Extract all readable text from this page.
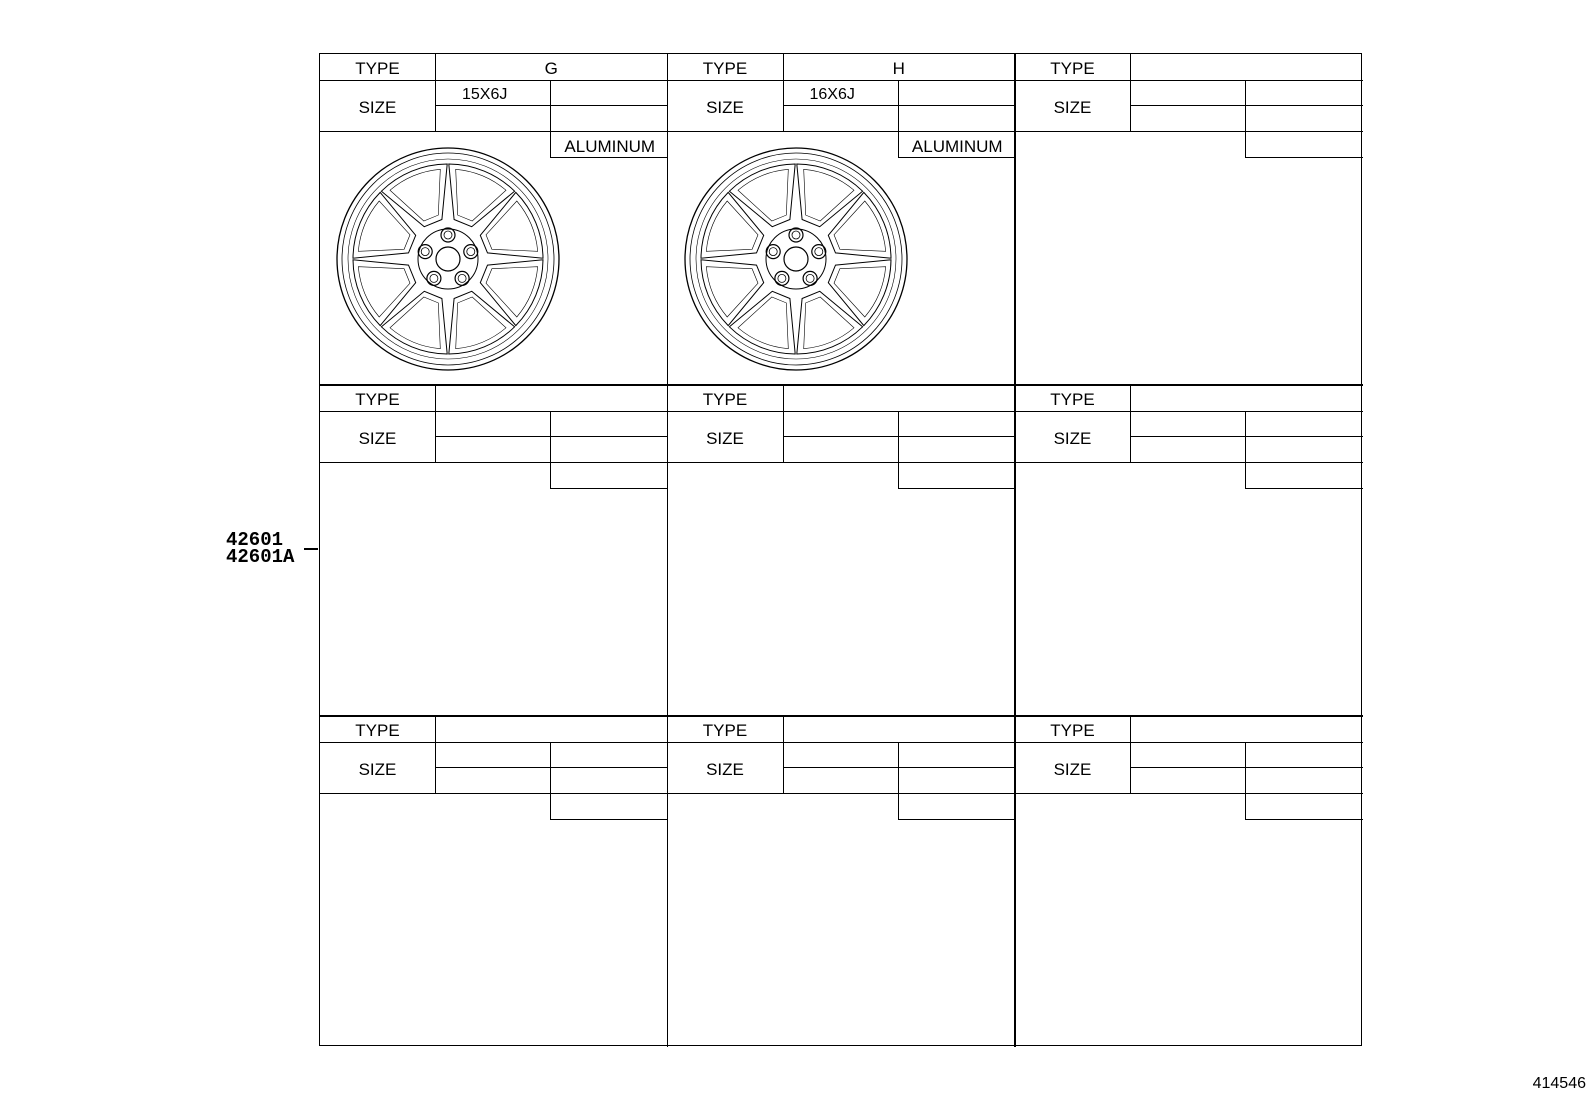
TYPE
SIZE
G
15X6J
ALUMINUM
TYPE
SIZE
H
16X6J
ALUMINUM
TYPE
SIZE
TYPE
SIZE
TYPE
SIZE
TYPE
SIZE
TYPE
SIZE
TYPE
SIZE
TYPE
SIZE
42601
42601A
414546
